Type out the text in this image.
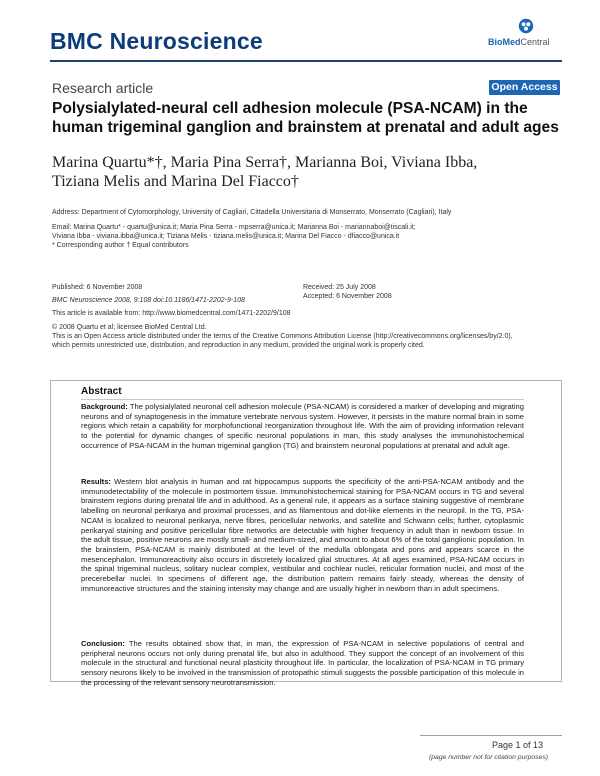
BMC Neuroscience	BioMedCentral
Research article	Open Access
Polysialylated-neural cell adhesion molecule (PSA-NCAM) in the human trigeminal ganglion and brainstem at prenatal and adult ages
Marina Quartu*†, Maria Pina Serra†, Marianna Boi, Viviana Ibba,
Tiziana Melis and Marina Del Fiacco†
Address: Department of Cytomorphology, University of Cagliari, Cittadella Universitaria di Monserrato, Monserrato (Cagliari), Italy
Email: Marina Quartu* - quartu@unica.it; Maria Pina Serra - mpserra@unica.it; Marianna Boi - mariannaboi@tiscali.it;
Viviana Ibba - viviana.ibba@unica.it; Tiziana Melis - tiziana.melis@unica.it; Marina Del Fiacco - dfiacco@unica.it
* Corresponding author † Equal contributors
Published: 6 November 2008	Received: 25 July 2008
BMC Neuroscience 2008, 9:108 doi:10.1186/1471-2202-9-108
Accepted: 6 November 2008
This article is available from: http://www.biomedcentral.com/1471-2202/9/108
© 2008 Quartu et al; licensee BioMed Central Ltd.
This is an Open Access article distributed under the terms of the Creative Commons Attribution License (http://creativecommons.org/licenses/by/2.0),
which permits unrestricted use, distribution, and reproduction in any medium, provided the original work is properly cited.
Abstract
Background: The polysialylated neuronal cell adhesion molecule (PSA-NCAM) is considered a marker of developing and migrating neurons and of synaptogenesis in the immature vertebrate nervous system. However, it persists in the mature normal brain in some regions which retain a capability for morphofunctional reorganization throughout life. With the aim of providing information relevant to the potential for dynamic changes of specific neuronal populations in man, this study analyses the immunohistochemical occurrence of PSA-NCAM in the human trigeminal ganglion (TG) and brainstem neuronal populations at prenatal and adult age.
Results: Western blot analysis in human and rat hippocampus supports the specificity of the anti-PSA-NCAM antibody and the immunodetectability of the molecule in postmortem tissue. Immunohistochemical staining for PSA-NCAM occurs in TG and several brainstem regions during prenatal life and in adulthood. As a general rule, it appears as a surface staining suggestive of membrane labelling on neuronal perikarya and proximal processes, and as filamentous and dot-like elements in the neuropil. In the TG, PSA-NCAM is localized to neuronal perikarya, nerve fibres, pericellular networks, and satellite and Schwann cells; further, cytoplasmic perikaryal staining and positive pericellular fibre networks are detectable with higher frequency in adult than in newborn tissue. In the adult tissue, positive neurons are mostly small- and medium-sized, and amount to about 6% of the total ganglionic population. In the brainstem, PSA-NCAM is mainly distributed at the level of the medulla oblongata and pons and appears scarce in the mesencephalon. Immunoreactivity also occurs in discretely localized glial structures. At all ages examined, PSA-NCAM occurs in the spinal trigeminal nucleus, solitary nuclear complex, vestibular and cochlear nuclei, reticular formation nuclei, and most of the precerebellar nuclei. In specimens of different age, the distribution pattern remains fairly steady, whereas the density of immunoreactive structures and the staining intensity may change and are usually higher in newborn than in adult specimens.
Conclusion: The results obtained show that, in man, the expression of PSA-NCAM in selective populations of central and peripheral neurons occurs not only during prenatal life, but also in adulthood. They support the concept of an involvement of this molecule in the structural and functional neural plasticity throughout life. In particular, the localization of PSA-NCAM in TG primary sensory neurons likely to be involved in the transmission of protopathic stimuli suggests the possible participation of this molecule in the processing of the relevant sensory neurotransmission.
Page 1 of 13
(page number not for citation purposes)
